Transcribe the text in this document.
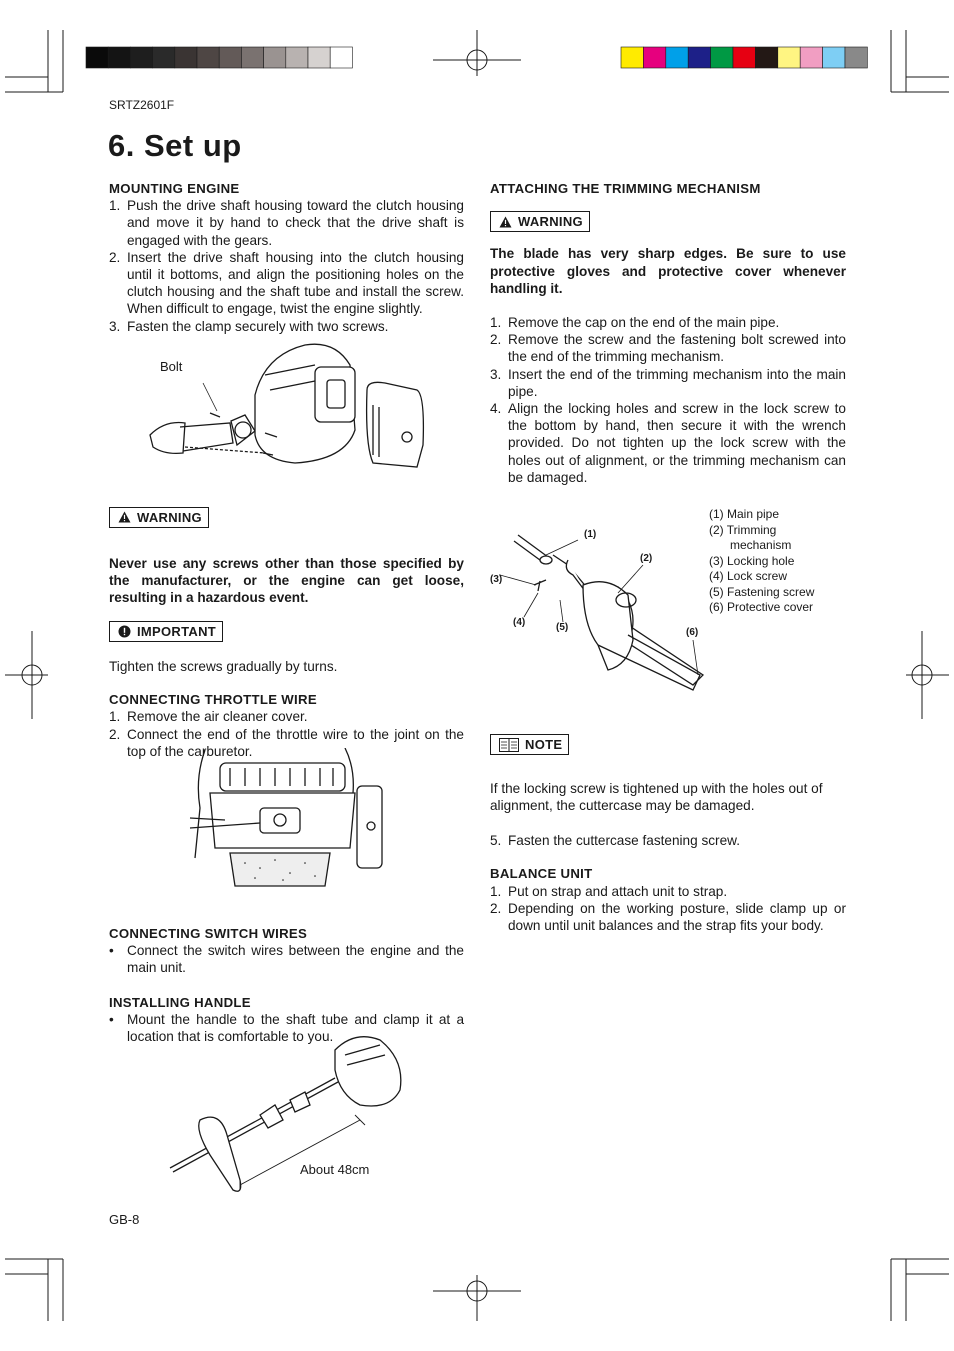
SRTZ2601F
6. Set up
MOUNTING ENGINE
1. Push the drive shaft housing toward the clutch housing and move it by hand to check that the drive shaft is engaged with the gears.
2. Insert the drive shaft housing into the clutch housing until it bottoms, and align the positioning holes on the clutch housing and the shaft tube and install the screw. When difficult to engage, twist the engine slightly.
3. Fasten the clamp securely with two screws.
WARNING

Never use any screws other than those specified by the manufacturer, or the engine can get loose, resulting in a hazardous event.

IMPORTANT

Tighten the screws gradually by turns.

CONNECTING THROTTLE WIRE
1. Remove the air cleaner cover.
2. Connect the end of the throttle wire to the joint on the top of the carburetor.
CONNECTING SWITCH WIRES
• Connect the switch wires between the engine and the main unit.
INSTALLING HANDLE
• Mount the handle to the shaft tube and clamp it at a location that is comfortable to you.
Bolt
About 48cm
ATTACHING THE TRIMMING MECHANISM
WARNING

The blade has very sharp edges. Be sure to use protective gloves and protective cover whenever handling it.

1. Remove the cap on the end of the main pipe.
2. Remove the screw and the fastening bolt screwed into the end of the trimming mechanism.
3. Insert the end of the trimming mechanism into the main pipe.
4. Align the locking holes and screw in the lock screw to the bottom by hand, then secure it with the wrench provided. Do not tighten up the lock screw with the holes out of alignment, or the trimming mechanism can be damaged.
NOTE

If the locking screw is tightened up with the holes out of alignment, the cuttercase may be damaged.

5. Fasten the cuttercase fastening screw.
BALANCE UNIT
1. Put on strap and attach unit to strap.
2. Depending on the working posture, slide clamp up or down until unit balances and the strap fits your body.
(1)
(2)
(3)
(4)	(5)	(6)
(1) Main pipe
(2) Trimming
mechanism
(3) Locking hole
(4) Lock screw
(5) Fastening screw
(6) Protective cover
GB-8
